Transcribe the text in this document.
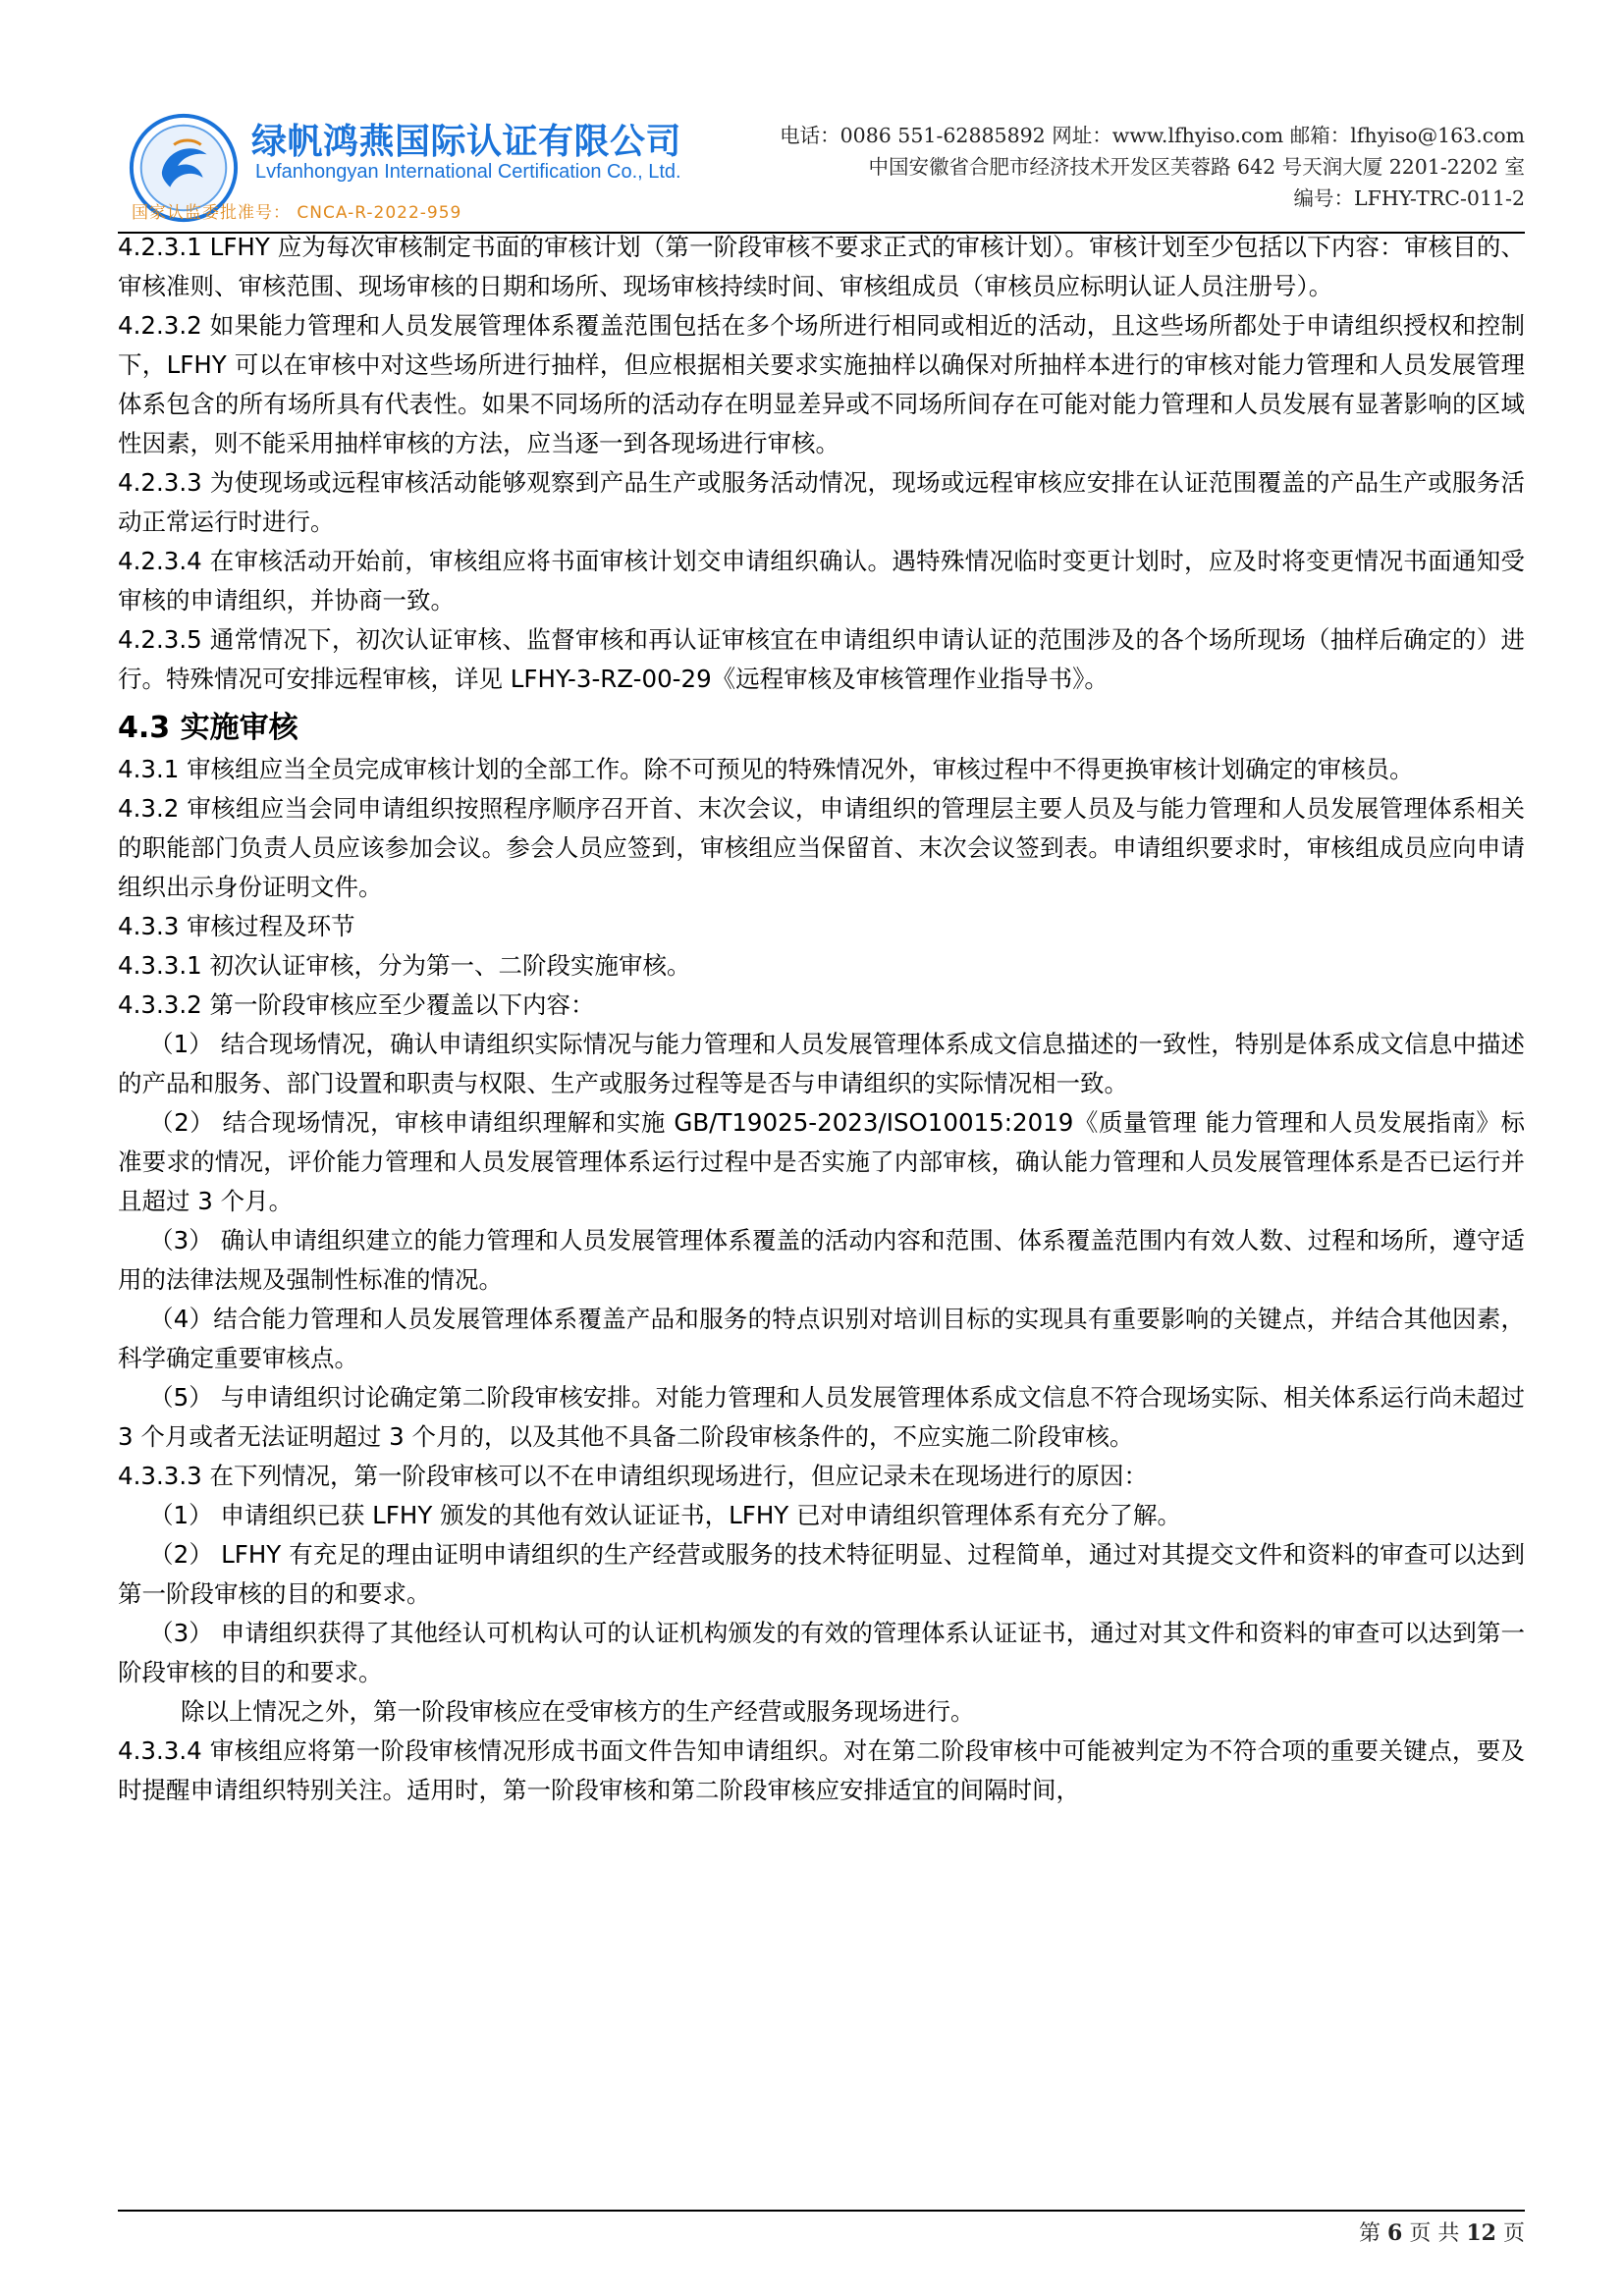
绿帆鸿燕国际认证有限公司
Lvfanhongyan International Certification Co., Ltd.
国家认监委批准号： CNCA-R-2022-959
电话：0086 551-62885892 网址：www.lfhyiso.com 邮箱：lfhyiso@163.com
中国安徽省合肥市经济技术开发区芙蓉路 642 号天润大厦 2201-2202 室
编号：LFHY-TRC-011-2

4.2.3.1 LFHY 应为每次审核制定书面的审核计划（第一阶段审核不要求正式的审核计划）。审核计划至少包括以下内容：审核目的、审核准则、审核范围、现场审核的日期和场所、现场审核持续时间、审核组成员（审核员应标明认证人员注册号）。

4.2.3.2 如果能力管理和人员发展管理体系覆盖范围包括在多个场所进行相同或相近的活动，且这些场所都处于申请组织授权和控制下，LFHY 可以在审核中对这些场所进行抽样，但应根据相关要求实施抽样以确保对所抽样本进行的审核对能力管理和人员发展管理体系包含的所有场所具有代表性。如果不同场所的活动存在明显差异或不同场所间存在可能对能力管理和人员发展有显著影响的区域性因素，则不能采用抽样审核的方法，应当逐一到各现场进行审核。

4.2.3.3 为使现场或远程审核活动能够观察到产品生产或服务活动情况，现场或远程审核应安排在认证范围覆盖的产品生产或服务活动正常运行时进行。

4.2.3.4 在审核活动开始前，审核组应将书面审核计划交申请组织确认。遇特殊情况临时变更计划时，应及时将变更情况书面通知受审核的申请组织，并协商一致。

4.2.3.5 通常情况下，初次认证审核、监督审核和再认证审核宜在申请组织申请认证的范围涉及的各个场所现场（抽样后确定的）进行。特殊情况可安排远程审核，详见 LFHY-3-RZ-00-29《远程审核及审核管理作业指导书》。

4.3 实施审核

4.3.1 审核组应当全员完成审核计划的全部工作。除不可预见的特殊情况外，审核过程中不得更换审核计划确定的审核员。

4.3.2 审核组应当会同申请组织按照程序顺序召开首、末次会议，申请组织的管理层主要人员及与能力管理和人员发展管理体系相关的职能部门负责人员应该参加会议。参会人员应签到，审核组应当保留首、末次会议签到表。申请组织要求时，审核组成员应向申请组织出示身份证明文件。

4.3.3 审核过程及环节

4.3.3.1 初次认证审核，分为第一、二阶段实施审核。

4.3.3.2 第一阶段审核应至少覆盖以下内容：

（1） 结合现场情况，确认申请组织实际情况与能力管理和人员发展管理体系成文信息描述的一致性，特别是体系成文信息中描述的产品和服务、部门设置和职责与权限、生产或服务过程等是否与申请组织的实际情况相一致。

（2） 结合现场情况，审核申请组织理解和实施 GB/T19025-2023/ISO10015:2019《质量管理 能力管理和人员发展指南》标准要求的情况，评价能力管理和人员发展管理体系运行过程中是否实施了内部审核，确认能力管理和人员发展管理体系是否已运行并且超过 3 个月。

（3） 确认申请组织建立的能力管理和人员发展管理体系覆盖的活动内容和范围、体系覆盖范围内有效人数、过程和场所，遵守适用的法律法规及强制性标准的情况。

（4）结合能力管理和人员发展管理体系覆盖产品和服务的特点识别对培训目标的实现具有重要影响的关键点，并结合其他因素，科学确定重要审核点。

（5） 与申请组织讨论确定第二阶段审核安排。对能力管理和人员发展管理体系成文信息不符合现场实际、相关体系运行尚未超过 3 个月或者无法证明超过 3 个月的，以及其他不具备二阶段审核条件的，不应实施二阶段审核。

4.3.3.3 在下列情况，第一阶段审核可以不在申请组织现场进行，但应记录未在现场进行的原因：

（1） 申请组织已获 LFHY 颁发的其他有效认证证书，LFHY 已对申请组织管理体系有充分了解。

（2） LFHY 有充足的理由证明申请组织的生产经营或服务的技术特征明显、过程简单，通过对其提交文件和资料的审查可以达到第一阶段审核的目的和要求。

（3） 申请组织获得了其他经认可机构认可的认证机构颁发的有效的管理体系认证证书，通过对其文件和资料的审查可以达到第一阶段审核的目的和要求。

除以上情况之外，第一阶段审核应在受审核方的生产经营或服务现场进行。

4.3.3.4 审核组应将第一阶段审核情况形成书面文件告知申请组织。对在第二阶段审核中可能被判定为不符合项的重要关键点，要及时提醒申请组织特别关注。适用时，第一阶段审核和第二阶段审核应安排适宜的间隔时间，

第 6 页 共 12 页
